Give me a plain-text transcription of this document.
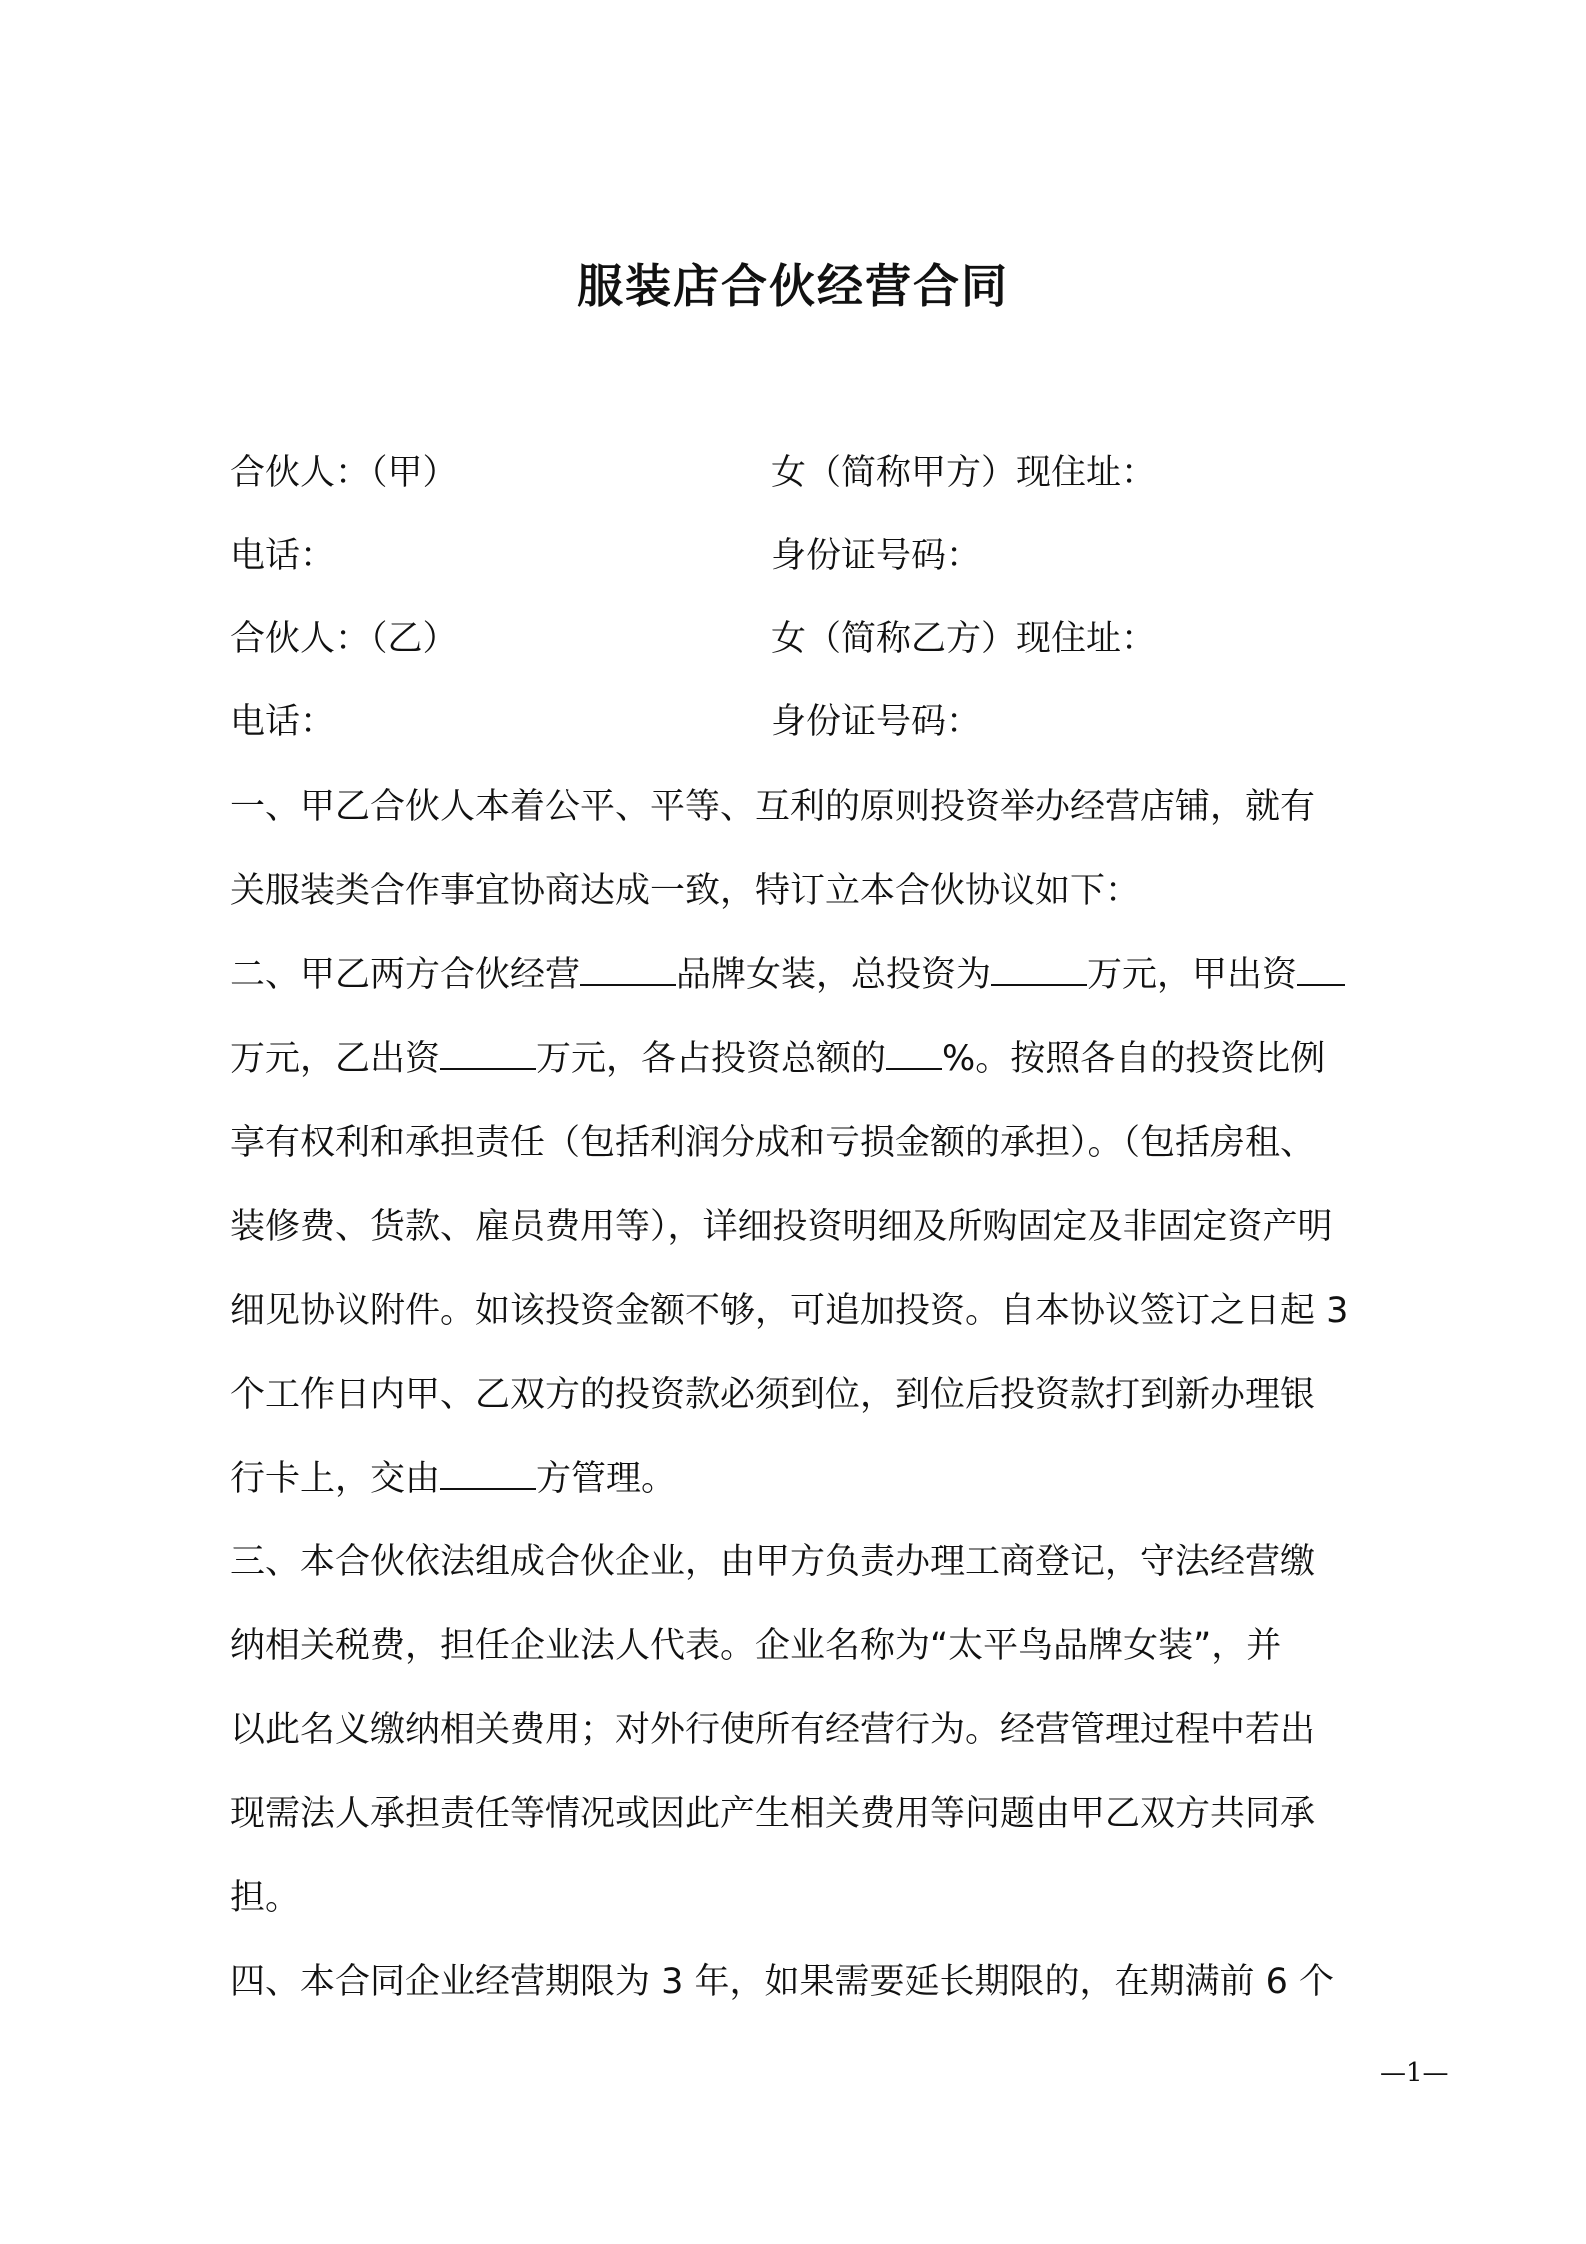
服装店合伙经营合同
合伙人：（甲）	女（简称甲方）现住址：
电话：	身份证号码：
合伙人：（乙）	女（简称乙方）现住址：
电话：	身份证号码：
一、甲乙合伙人本着公平、平等、互利的原则投资举办经营店铺，就有
关服装类合作事宜协商达成一致，特订立本合伙协议如下：
二、甲乙两方合伙经营	品牌女装，总投资为	万元，甲出资
万元，乙出资	万元，各占投资总额的 %。按照各自的投资比例
享有权利和承担责任（包括利润分成和亏损金额的承担）。（包括房租、
装修费、货款、雇员费用等），详细投资明细及所购固定及非固定资产明
细见协议附件。如该投资金额不够，可追加投资。自本协议签订之日起 3
个工作日内甲、乙双方的投资款必须到位，到位后投资款打到新办理银
行卡上，交由	方管理。
三、本合伙依法组成合伙企业，由甲方负责办理工商登记，守法经营缴
纳相关税费，担任企业法人代表。企业名称为“太平鸟品牌女装”，并
以此名义缴纳相关费用；对外行使所有经营行为。经营管理过程中若出
现需法人承担责任等情况或因此产生相关费用等问题由甲乙双方共同承
担。
四、本合同企业经营期限为 3 年，如果需要延长期限的，在期满前 6 个
—1—
